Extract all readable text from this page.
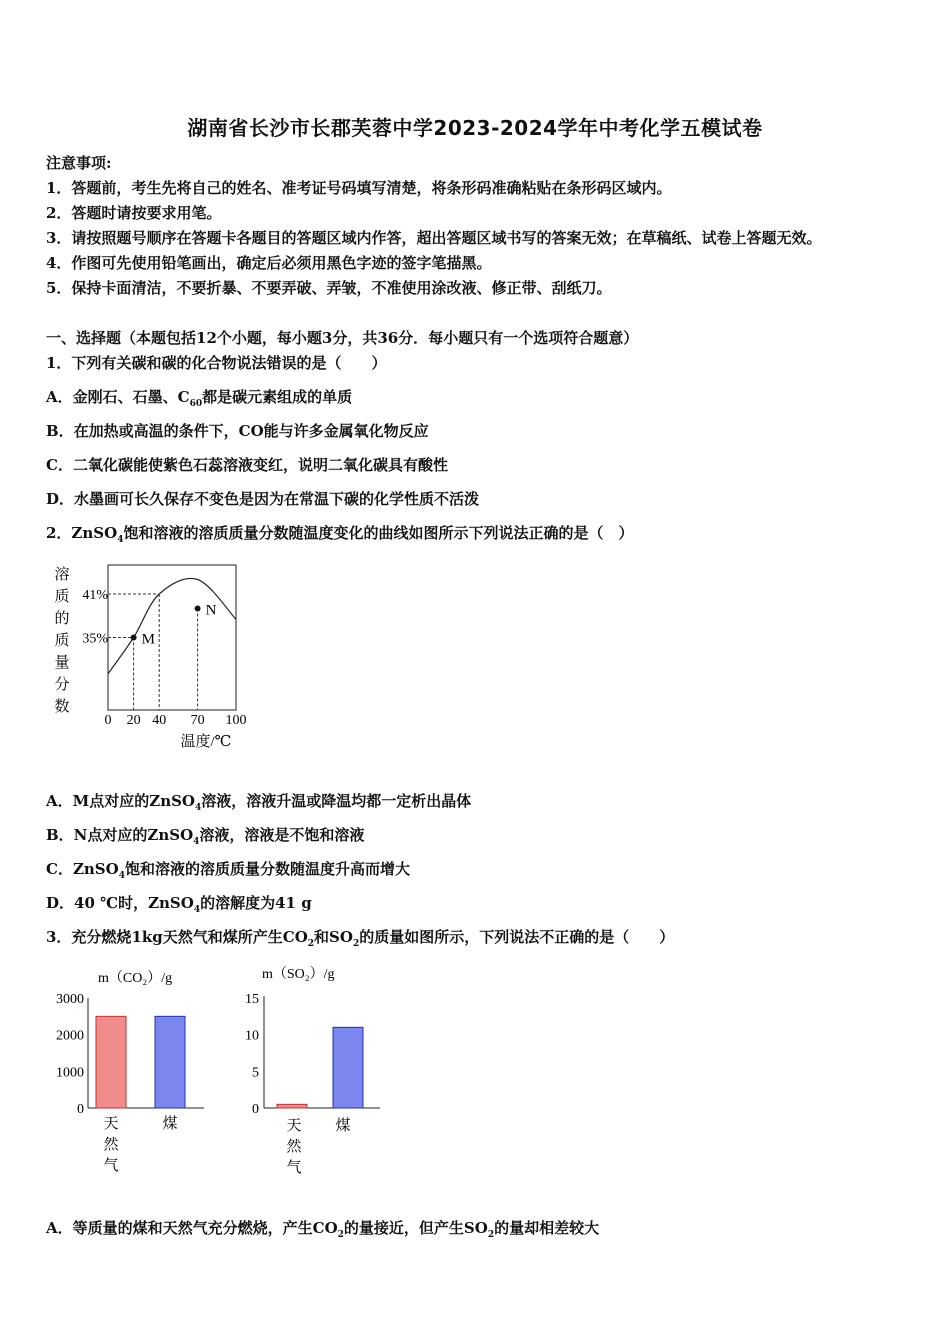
湖南省长沙市长郡芙蓉中学2023-2024学年中考化学五模试卷
注意事项:
1．答题前，考生先将自己的姓名、准考证号码填写清楚，将条形码准确粘贴在条形码区域内。
2．答题时请按要求用笔。
3．请按照题号顺序在答题卡各题目的答题区域内作答，超出答题区域书写的答案无效；在草稿纸、试卷上答题无效。
4．作图可先使用铅笔画出，确定后必须用黑色字迹的签字笔描黑。
5．保持卡面清洁，不要折暴、不要弄破、弄皱，不准使用涂改液、修正带、刮纸刀。
一、选择题（本题包括12个小题，每小题3分，共36分．每小题只有一个选项符合题意）
1．下列有关碳和碳的化合物说法错误的是（　　）
A．金刚石、石墨、$C_{60}$都是碳元素组成的单质
B．在加热或高温的条件下，CO能与许多金属氧化物反应
C．二氧化碳能使紫色石蕊溶液变红，说明二氧化碳具有酸性
D．水墨画可长久保存不变色是因为在常温下碳的化学性质不活泼
2．ZnSO$_4$饱和溶液的溶质质量分数随温度变化的曲线如图所示下列说法正确的是（　）
溶
质
的
质
量
分
数
M
N
41%
35%
0 20 40 70 100
温度/℃
A．M点对应的ZnSO$_4$溶液，溶液升温或降温均都一定析出晶体
B．N点对应的ZnSO$_4$溶液，溶液是不饱和溶液
C．ZnSO$_4$饱和溶液的溶质质量分数随温度升高而增大
D．40 ℃时，ZnSO$_4$的溶解度为41 g
3．充分燃烧1kg天然气和煤所产生$CO_2$和$SO_2$的质量如图所示，下列说法不正确的是（　　）
m（CO₂）/g
0
1000
2000
3000
天
然
气
煤
m（SO₂）/g
0
5
10
15
天
然
气
煤
A．等质量的煤和天然气充分燃烧，产生$CO_2$的量接近，但产生$SO_2$的量却相差较大
